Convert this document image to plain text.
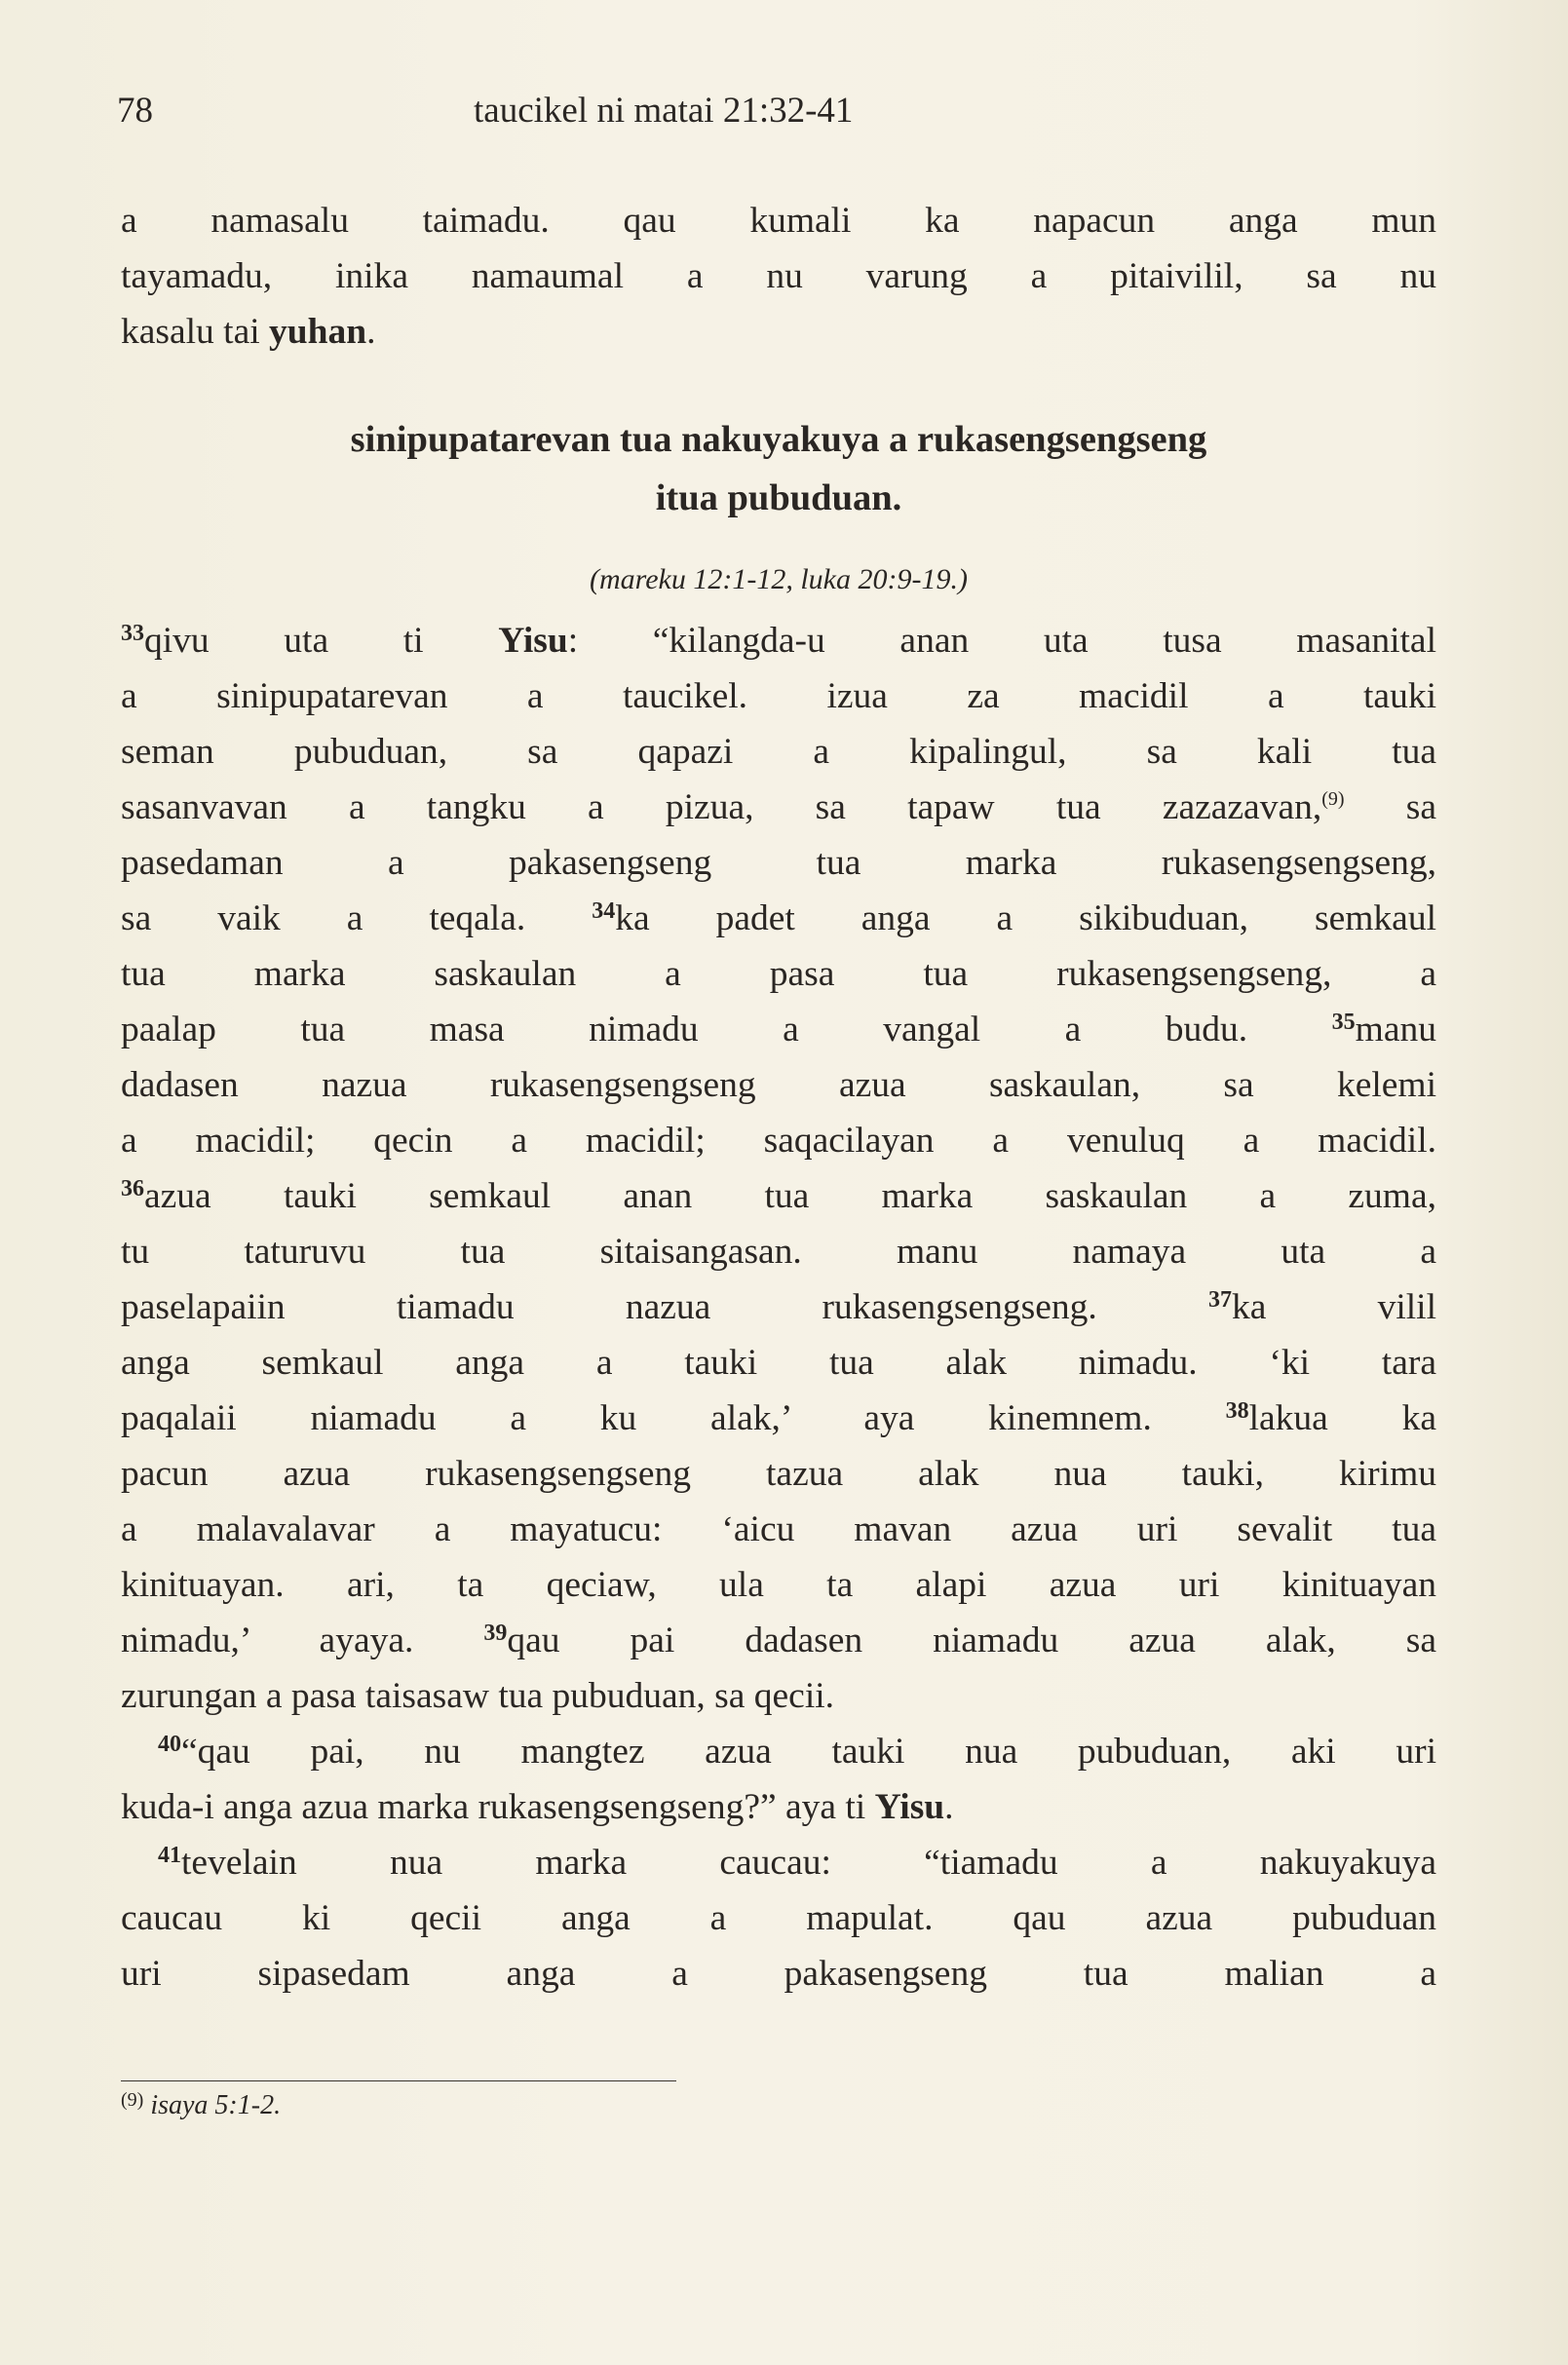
78	taucikel ni matai 21:32-41
a namasalu taimadu. qau kumali ka napacun anga mun
tayamadu, inika namaumal a nu varung a pitaivilil, sa nu
kasalu tai yuhan.
sinipupatarevan tua nakuyakuya a rukasengsengseng
itua pubuduan.
(mareku 12:1-12, luka 20:9-19.)
$^{33}$qivu uta ti Yisu: “kilangda-u anan uta tusa masanital
a sinipupatarevan a taucikel. izua za macidil a tauki
seman pubuduan, sa qapazi a kipalingul, sa kali tua
sasanvavan a tangku a pizua, sa tapaw tua zazazavan,$^{(9)}$ sa
pasedaman a pakasengseng tua marka rukasengsengseng,
sa vaik a teqala. $^{34}$ka padet anga a sikibuduan, semkaul
tua marka saskaulan a pasa tua rukasengsengseng, a
paalap tua masa nimadu a vangal a budu. $^{35}$manu
dadasen nazua rukasengsengseng azua saskaulan, sa kelemi
a macidil; qecin a macidil; saqacilayan a venuluq a macidil.
$^{36}$azua tauki semkaul anan tua marka saskaulan a zuma,
tu taturuvu tua sitaisangasan. manu namaya uta a
paselapaiin tiamadu nazua rukasengsengseng. $^{37}$ka vilil
anga semkaul anga a tauki tua alak nimadu. ‘ki tara
paqalaii niamadu a ku alak,’ aya kinemnem. $^{38}$lakua ka
pacun azua rukasengsengseng tazua alak nua tauki, kirimu
a malavalavar a mayatucu: ‘aicu mavan azua uri sevalit tua
kinituayan. ari, ta qeciaw, ula ta alapi azua uri kinituayan
nimadu,’ ayaya. $^{39}$qau pai dadasen niamadu azua alak, sa
zurungan a pasa taisasaw tua pubuduan, sa qecii.
$^{40}$“qau pai, nu mangtez azua tauki nua pubuduan, aki uri
kuda-i anga azua marka rukasengsengseng?” aya ti Yisu.
$^{41}$tevelain nua marka caucau: “tiamadu a nakuyakuya
caucau ki qecii anga a mapulat. qau azua pubuduan
uri sipasedam anga a pakasengseng tua malian a
$^{(9)}$ isaya 5:1-2.
